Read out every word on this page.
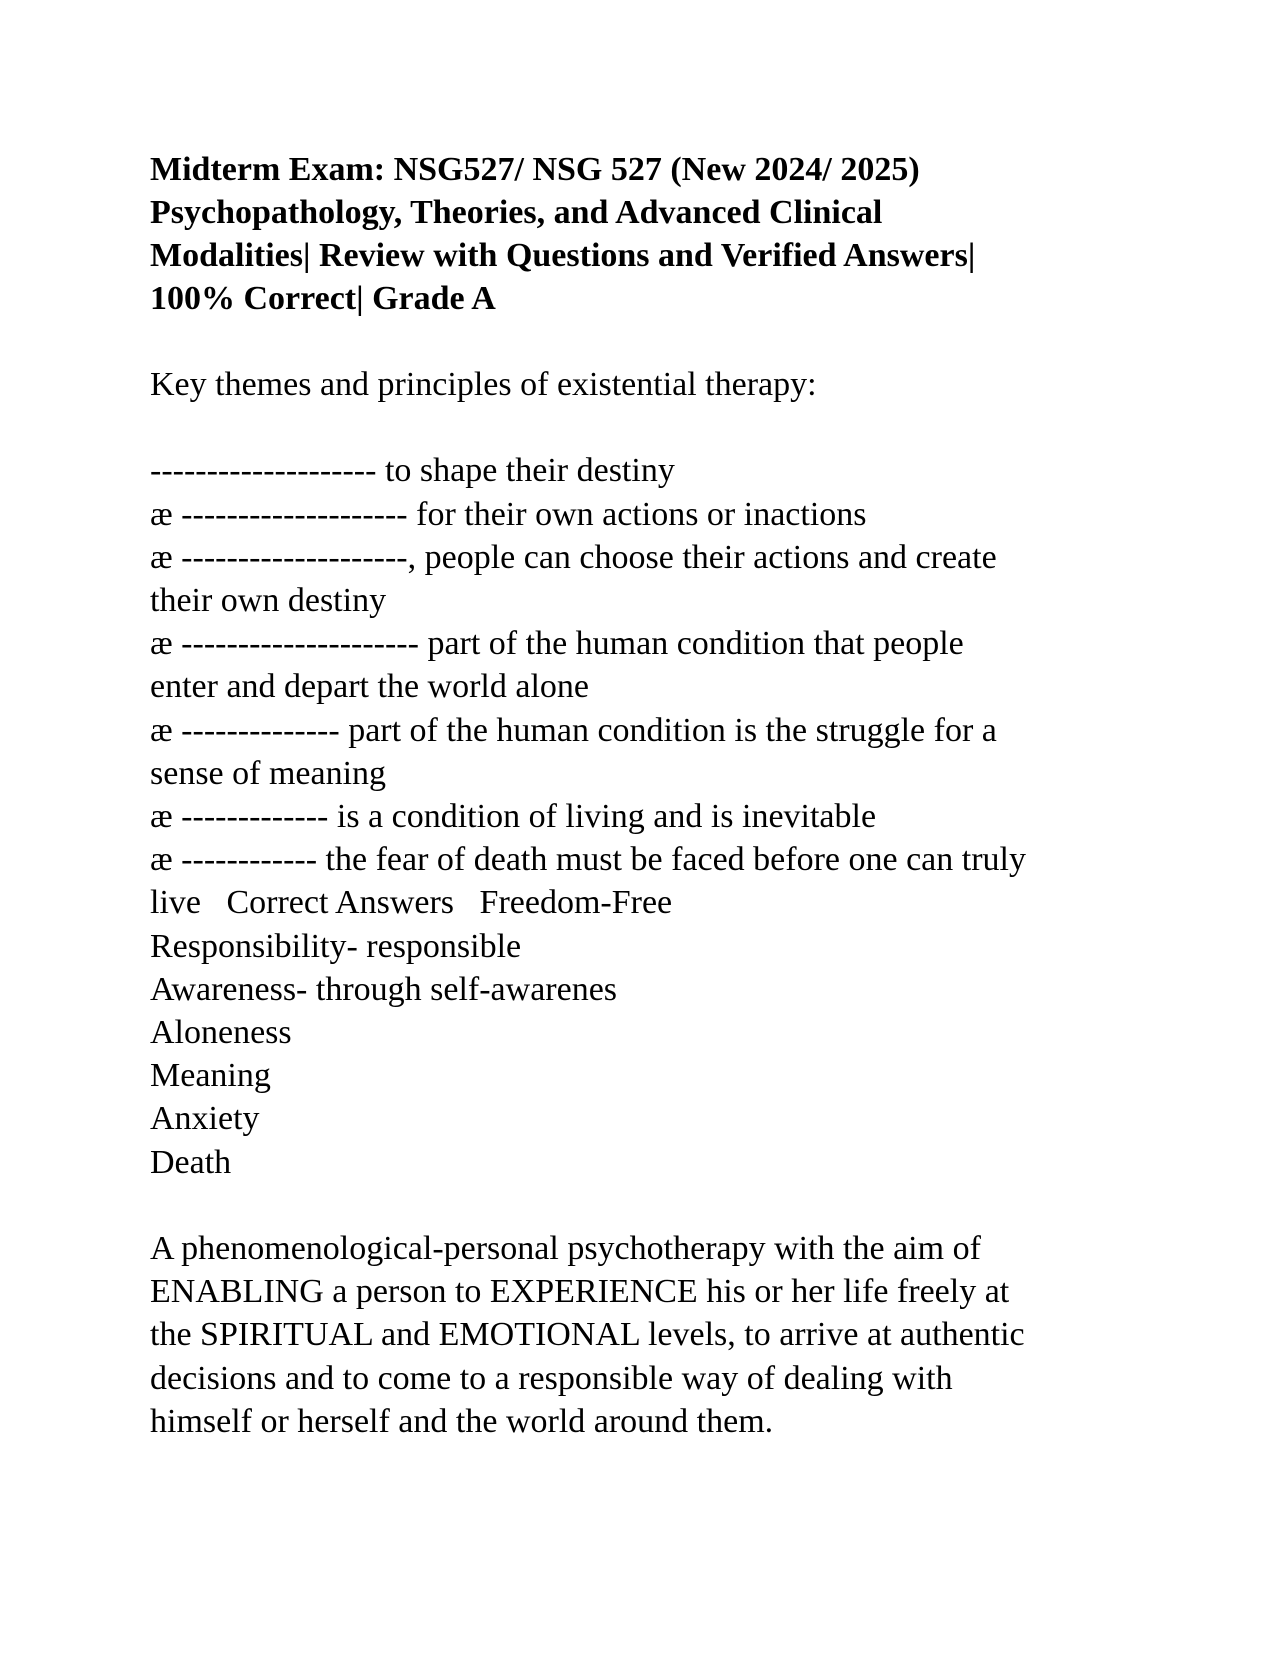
Midterm Exam: NSG527/ NSG 527 (New 2024/ 2025)
Psychopathology, Theories, and Advanced Clinical
Modalities| Review with Questions and Verified Answers|
100% Correct| Grade A
Key themes and principles of existential therapy:
-------------------- to shape their destiny
æ -------------------- for their own actions or inactions
æ --------------------, people can choose their actions and create
their own destiny
æ --------------------- part of the human condition that people
enter and depart the world alone
æ -------------- part of the human condition is the struggle for a
sense of meaning
æ ------------- is a condition of living and is inevitable
æ ------------ the fear of death must be faced before one can truly
live   Correct Answers   Freedom-Free
Responsibility- responsible
Awareness- through self-awarenes
Aloneness
Meaning
Anxiety
Death
A phenomenological-personal psychotherapy with the aim of
ENABLING a person to EXPERIENCE his or her life freely at
the SPIRITUAL and EMOTIONAL levels, to arrive at authentic
decisions and to come to a responsible way of dealing with
himself or herself and the world around them.
